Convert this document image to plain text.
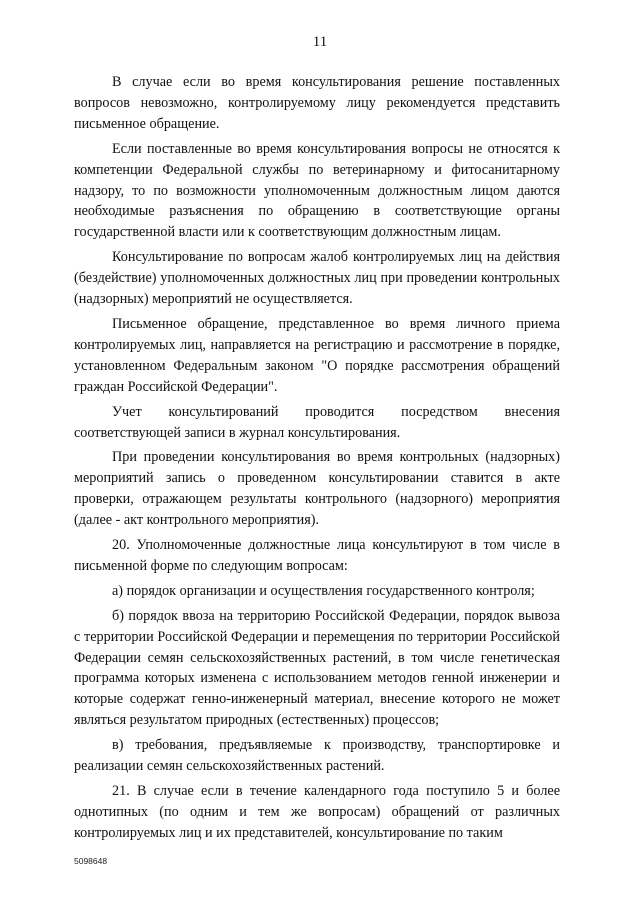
11

В случае если во время консультирования решение поставленных вопросов невозможно, контролируемому лицу рекомендуется представить письменное обращение.

Если поставленные во время консультирования вопросы не относятся к компетенции Федеральной службы по ветеринарному и фитосанитарному надзору, то по возможности уполномоченным должностным лицом даются необходимые разъяснения по обращению в соответствующие органы государственной власти или к соответствующим должностным лицам.

Консультирование по вопросам жалоб контролируемых лиц на действия (бездействие) уполномоченных должностных лиц при проведении контрольных (надзорных) мероприятий не осуществляется.

Письменное обращение, представленное во время личного приема контролируемых лиц, направляется на регистрацию и рассмотрение в порядке, установленном Федеральным законом "О порядке рассмотрения обращений граждан Российской Федерации".

Учет консультирований проводится посредством внесения соответствующей записи в журнал консультирования.

При проведении консультирования во время контрольных (надзорных) мероприятий запись о проведенном консультировании ставится в акте проверки, отражающем результаты контрольного (надзорного) мероприятия (далее - акт контрольного мероприятия).

20. Уполномоченные должностные лица консультируют в том числе в письменной форме по следующим вопросам:

а) порядок организации и осуществления государственного контроля;

б) порядок ввоза на территорию Российской Федерации, порядок вывоза с территории Российской Федерации и перемещения по территории Российской Федерации семян сельскохозяйственных растений, в том числе генетическая программа которых изменена с использованием методов генной инженерии и которые содержат генно-инженерный материал, внесение которого не может являться результатом природных (естественных) процессов;

в) требования, предъявляемые к производству, транспортировке и реализации семян сельскохозяйственных растений.

21. В случае если в течение календарного года поступило 5 и более однотипных (по одним и тем же вопросам) обращений от различных контролируемых лиц и их представителей, консультирование по таким

5098648
